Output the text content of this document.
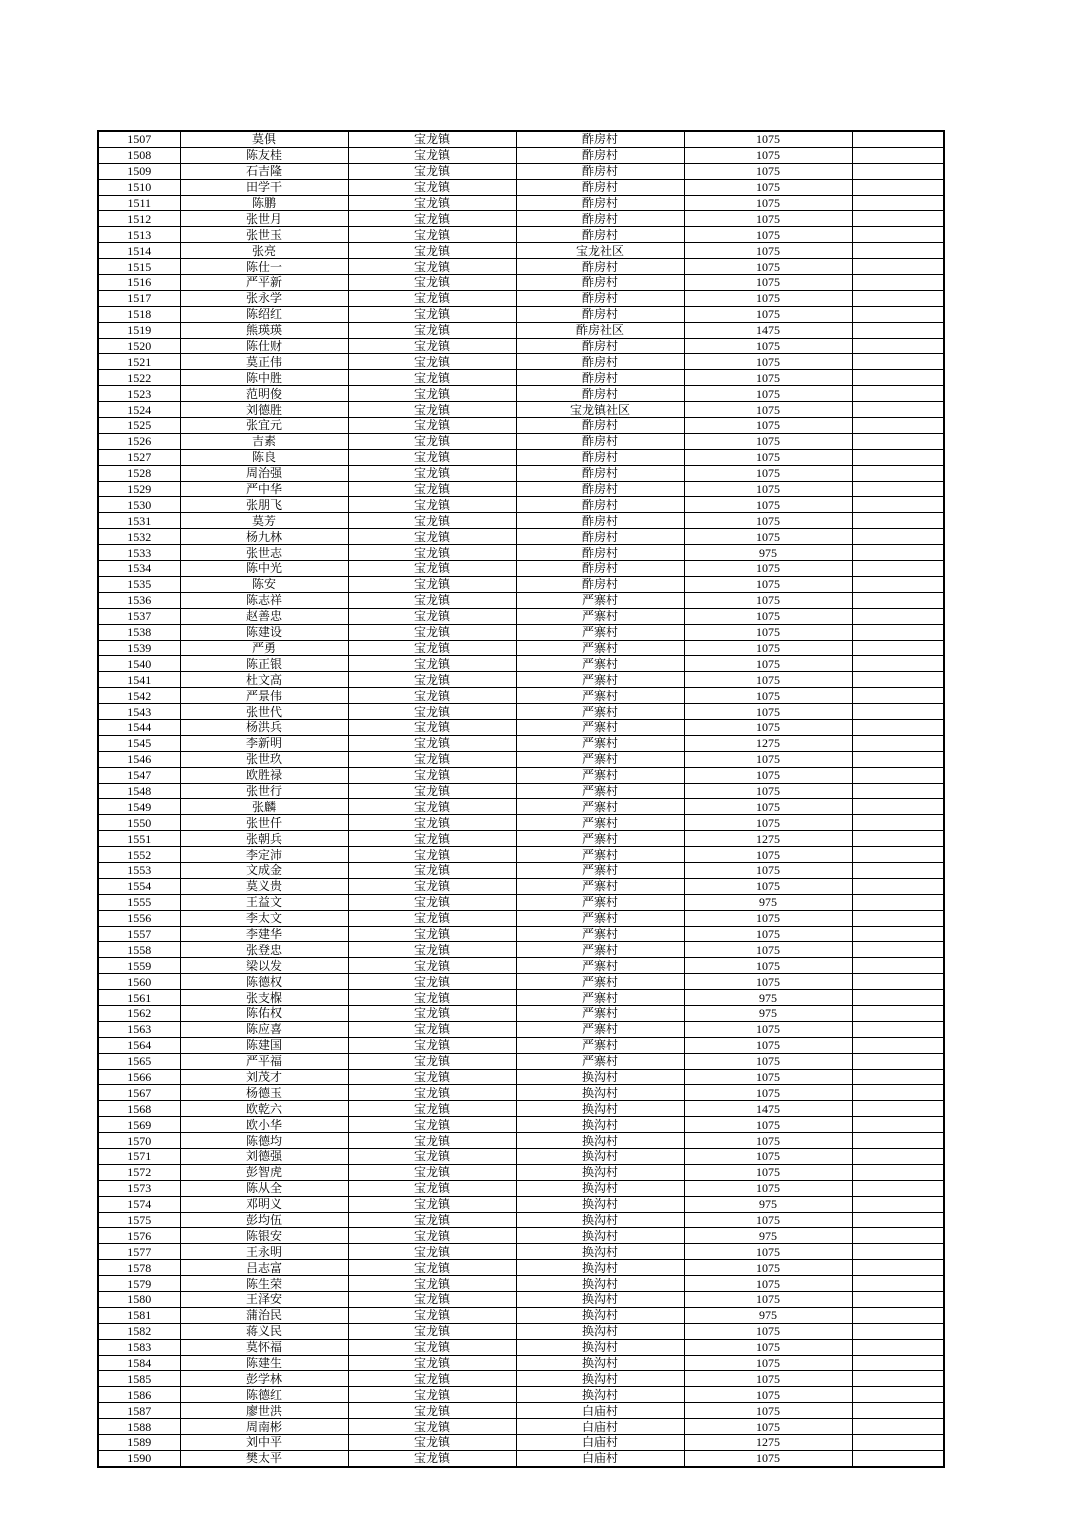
1507	莫俱	宝龙镇	酢房村	1075	
1508	陈友桂	宝龙镇	酢房村	1075	
1509	石吉隆	宝龙镇	酢房村	1075	
1510	田学干	宝龙镇	酢房村	1075	
1511	陈鹏	宝龙镇	酢房村	1075	
1512	张世月	宝龙镇	酢房村	1075	
1513	张世玉	宝龙镇	酢房村	1075	
1514	张亮	宝龙镇	宝龙社区	1075	
1515	陈仕一	宝龙镇	酢房村	1075	
1516	严平新	宝龙镇	酢房村	1075	
1517	张永学	宝龙镇	酢房村	1075	
1518	陈绍红	宝龙镇	酢房村	1075	
1519	熊瑛瑛	宝龙镇	酢房社区	1475	
1520	陈仕财	宝龙镇	酢房村	1075	
1521	莫正伟	宝龙镇	酢房村	1075	
1522	陈中胜	宝龙镇	酢房村	1075	
1523	范明俊	宝龙镇	酢房村	1075	
1524	刘德胜	宝龙镇	宝龙镇社区	1075	
1525	张宜元	宝龙镇	酢房村	1075	
1526	吉素	宝龙镇	酢房村	1075	
1527	陈良	宝龙镇	酢房村	1075	
1528	周治强	宝龙镇	酢房村	1075	
1529	严中华	宝龙镇	酢房村	1075	
1530	张朋飞	宝龙镇	酢房村	1075	
1531	莫芳	宝龙镇	酢房村	1075	
1532	杨九林	宝龙镇	酢房村	1075	
1533	张世志	宝龙镇	酢房村	975	
1534	陈中光	宝龙镇	酢房村	1075	
1535	陈安	宝龙镇	酢房村	1075	
1536	陈志祥	宝龙镇	严寨村	1075	
1537	赵善忠	宝龙镇	严寨村	1075	
1538	陈建设	宝龙镇	严寨村	1075	
1539	严勇	宝龙镇	严寨村	1075	
1540	陈正银	宝龙镇	严寨村	1075	
1541	杜文高	宝龙镇	严寨村	1075	
1542	严景伟	宝龙镇	严寨村	1075	
1543	张世代	宝龙镇	严寨村	1075	
1544	杨洪兵	宝龙镇	严寨村	1075	
1545	李新明	宝龙镇	严寨村	1275	
1546	张世玖	宝龙镇	严寨村	1075	
1547	欧胜禄	宝龙镇	严寨村	1075	
1548	张世行	宝龙镇	严寨村	1075	
1549	张麟	宝龙镇	严寨村	1075	
1550	张世仟	宝龙镇	严寨村	1075	
1551	张朝兵	宝龙镇	严寨村	1275	
1552	李定沛	宝龙镇	严寨村	1075	
1553	文成金	宝龙镇	严寨村	1075	
1554	莫义贵	宝龙镇	严寨村	1075	
1555	王益文	宝龙镇	严寨村	975	
1556	李太文	宝龙镇	严寨村	1075	
1557	李建华	宝龙镇	严寨村	1075	
1558	张登忠	宝龙镇	严寨村	1075	
1559	梁以发	宝龙镇	严寨村	1075	
1560	陈德权	宝龙镇	严寨村	1075	
1561	张支椺	宝龙镇	严寨村	975	
1562	陈佑权	宝龙镇	严寨村	975	
1563	陈应喜	宝龙镇	严寨村	1075	
1564	陈建国	宝龙镇	严寨村	1075	
1565	严平福	宝龙镇	严寨村	1075	
1566	刘茂才	宝龙镇	换沟村	1075	
1567	杨德玉	宝龙镇	换沟村	1075	
1568	欧乾六	宝龙镇	换沟村	1475	
1569	欧小华	宝龙镇	换沟村	1075	
1570	陈德均	宝龙镇	换沟村	1075	
1571	刘德强	宝龙镇	换沟村	1075	
1572	彭智虎	宝龙镇	换沟村	1075	
1573	陈从全	宝龙镇	换沟村	1075	
1574	邓明义	宝龙镇	换沟村	975	
1575	彭均伍	宝龙镇	换沟村	1075	
1576	陈银安	宝龙镇	换沟村	975	
1577	王永明	宝龙镇	换沟村	1075	
1578	吕志富	宝龙镇	换沟村	1075	
1579	陈生荣	宝龙镇	换沟村	1075	
1580	王泽安	宝龙镇	换沟村	1075	
1581	蒲治民	宝龙镇	换沟村	975	
1582	蒋义民	宝龙镇	换沟村	1075	
1583	莫怀福	宝龙镇	换沟村	1075	
1584	陈建生	宝龙镇	换沟村	1075	
1585	彭学林	宝龙镇	换沟村	1075	
1586	陈德红	宝龙镇	换沟村	1075	
1587	廖世洪	宝龙镇	白庙村	1075	
1588	周南彬	宝龙镇	白庙村	1075	
1589	刘中平	宝龙镇	白庙村	1275	
1590	樊太平	宝龙镇	白庙村	1075	
